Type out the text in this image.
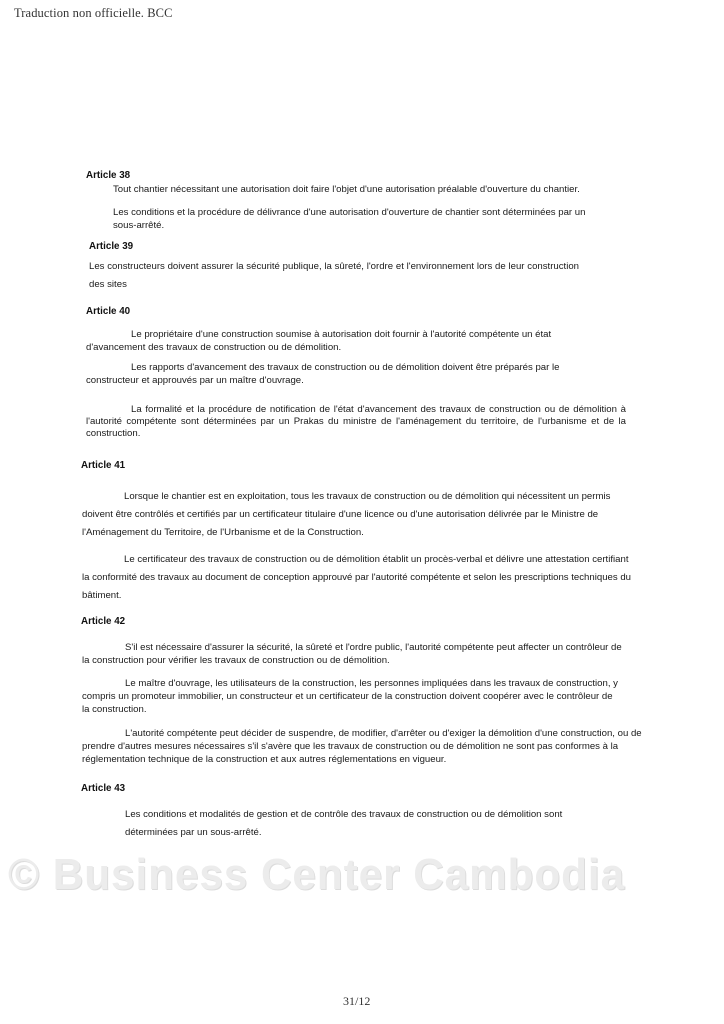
Traduction non officielle. BCC

Article 38

Tout chantier nécessitant une autorisation doit faire l'objet d'une autorisation préalable d'ouverture du chantier.

Les conditions et la procédure de délivrance d'une autorisation d'ouverture de chantier sont déterminées par un sous-arrêté.

Article 39

Les constructeurs doivent assurer la sécurité publique, la sûreté, l'ordre et l'environnement lors de leur construction des sites

Article 40

Le propriétaire d'une construction soumise à autorisation doit fournir à l'autorité compétente un état d'avancement des travaux de construction ou de démolition.

Les rapports d'avancement des travaux de construction ou de démolition doivent être préparés par le constructeur et approuvés par un maître d'ouvrage.

La formalité et la procédure de notification de l'état d'avancement des travaux de construction ou de démolition à l'autorité compétente sont déterminées par un Prakas du ministre de l'aménagement du territoire, de l'urbanisme et de la construction.

Article 41

Lorsque le chantier est en exploitation, tous les travaux de construction ou de démolition qui nécessitent un permis doivent être contrôlés et certifiés par un certificateur titulaire d'une licence ou d'une autorisation délivrée par le Ministre de l'Aménagement du Territoire, de l'Urbanisme et de la Construction.

Le certificateur des travaux de construction ou de démolition établit un procès-verbal et délivre une attestation certifiant la conformité des travaux au document de conception approuvé par l'autorité compétente et selon les prescriptions techniques du bâtiment.

Article 42

S'il est nécessaire d'assurer la sécurité, la sûreté et l'ordre public, l'autorité compétente peut affecter un contrôleur de la construction pour vérifier les travaux de construction ou de démolition.

Le maître d'ouvrage, les utilisateurs de la construction, les personnes impliquées dans les travaux de construction, y compris un promoteur immobilier, un constructeur et un certificateur de la construction doivent coopérer avec le contrôleur de la construction.

L'autorité compétente peut décider de suspendre, de modifier, d'arrêter ou d'exiger la démolition d'une construction, ou de prendre d'autres mesures nécessaires s'il s'avère que les travaux de construction ou de démolition ne sont pas conformes à la réglementation technique de la construction et aux autres réglementations en vigueur.

Article 43

Les conditions et modalités de gestion et de contrôle des travaux de construction ou de démolition sont déterminées par un sous-arrêté.

© Business Center Cambodia
31/12
